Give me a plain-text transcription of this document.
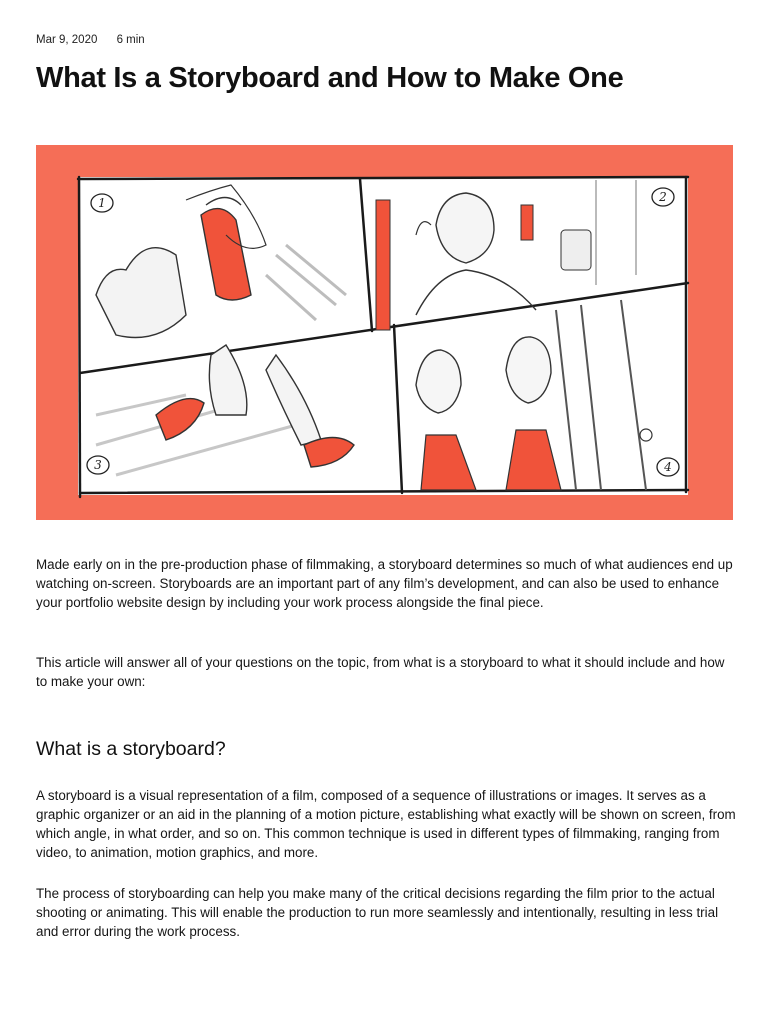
Mar 9, 2020 6 min
What Is a Storyboard and How to Make One
1	2
3	4

Made early on in the pre-production phase of filmmaking, a storyboard determines so much of what audiences end up watching on-screen. Storyboards are an important part of any film’s development, and can also be used to enhance your portfolio website design by including your work process alongside the final piece.

This article will answer all of your questions on the topic, from what is a storyboard to what it should include and how to make your own:

What is a storyboard?

A storyboard is a visual representation of a film, composed of a sequence of illustrations or images. It serves as a graphic organizer or an aid in the planning of a motion picture, establishing what exactly will be shown on screen, from which angle, in what order, and so on. This common technique is used in different types of filmmaking, ranging from video, to animation, motion graphics, and more.

The process of storyboarding can help you make many of the critical decisions regarding the film prior to the actual shooting or animating. This will enable the production to run more seamlessly and intentionally, resulting in less trial and error during the work process.
